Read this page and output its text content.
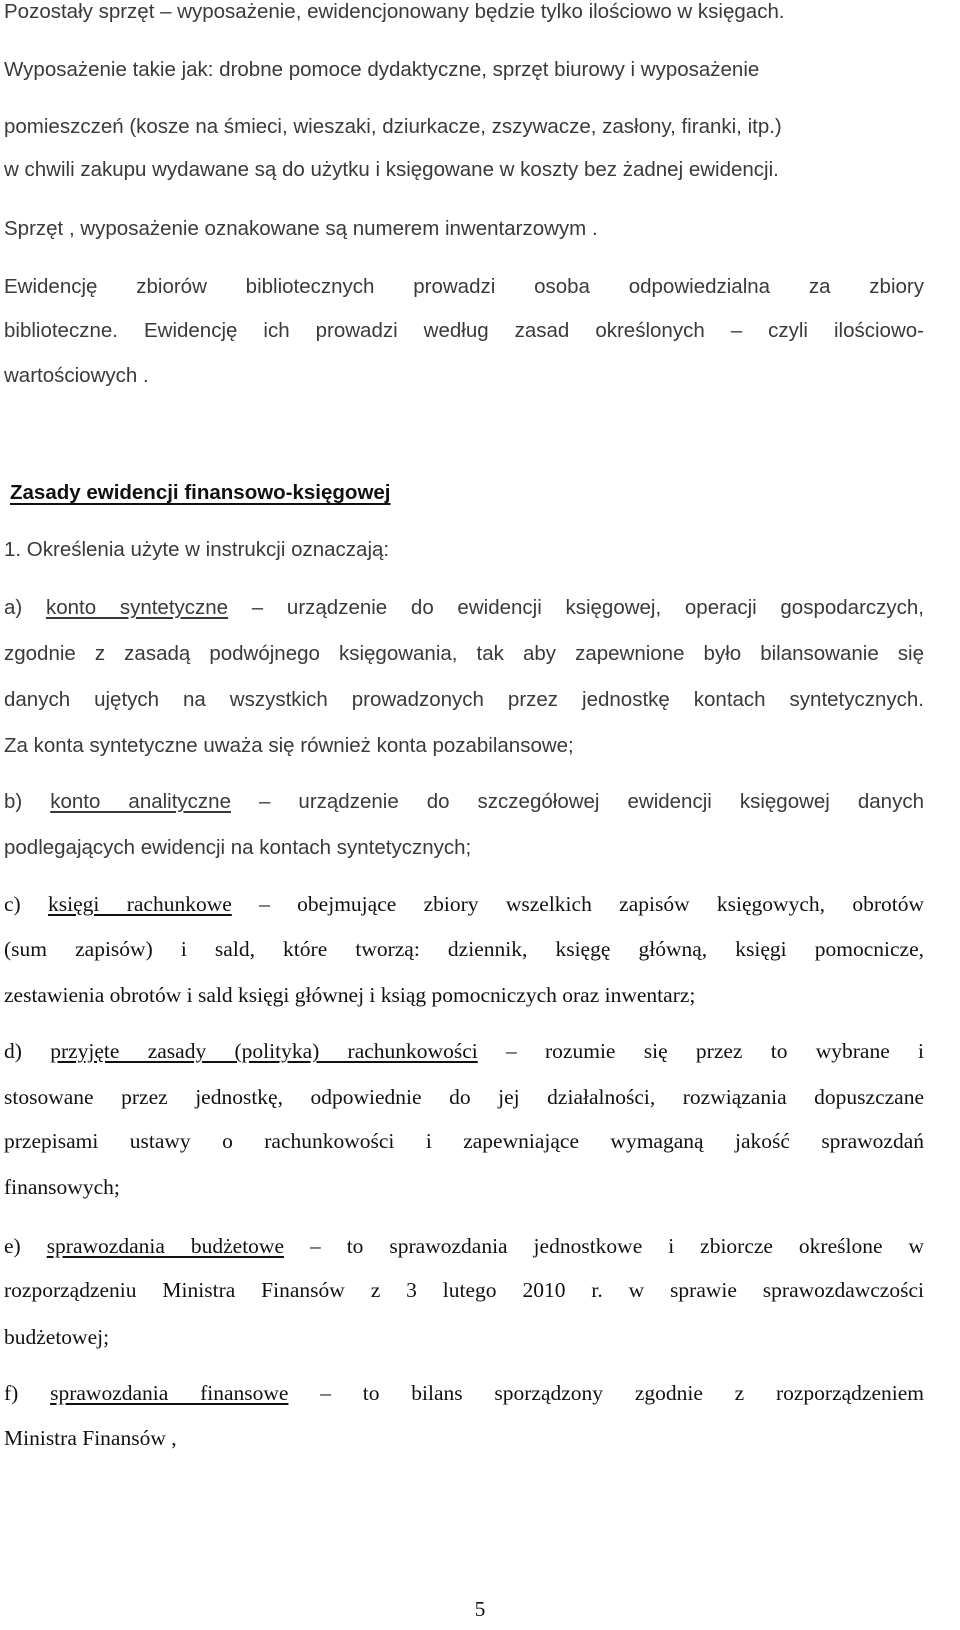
Pozostały sprzęt – wyposażenie, ewidencjonowany będzie tylko ilościowo w księgach.
Wyposażenie takie jak: drobne pomoce dydaktyczne, sprzęt biurowy i wyposażenie
pomieszczeń (kosze na śmieci, wieszaki, dziurkacze, zszywacze, zasłony, firanki, itp.)
w chwili zakupu wydawane są do użytku i księgowane w koszty bez żadnej ewidencji.
Sprzęt , wyposażenie oznakowane są numerem inwentarzowym .
Ewidencję zbiorów bibliotecznych prowadzi osoba odpowiedzialna za zbiory
biblioteczne. Ewidencję ich prowadzi według zasad określonych – czyli ilościowo-
wartościowych .
Zasady ewidencji finansowo-księgowej
1. Określenia użyte w instrukcji oznaczają:
a) konto syntetyczne – urządzenie do ewidencji księgowej, operacji gospodarczych,
zgodnie z zasadą podwójnego księgowania, tak aby zapewnione było bilansowanie się
danych ujętych na wszystkich prowadzonych przez jednostkę kontach syntetycznych.
Za konta syntetyczne uważa się również konta pozabilansowe;
b) konto analityczne – urządzenie do szczegółowej ewidencji księgowej danych
podlegających ewidencji na kontach syntetycznych;
c) księgi rachunkowe – obejmujące zbiory wszelkich zapisów księgowych, obrotów
(sum zapisów) i sald, które tworzą: dziennik, księgę główną, księgi pomocnicze,
zestawienia obrotów i sald księgi głównej i ksiąg pomocniczych oraz inwentarz;
d) przyjęte zasady (polityka) rachunkowości – rozumie się przez to wybrane i
stosowane przez jednostkę, odpowiednie do jej działalności, rozwiązania dopuszczane
przepisami ustawy o rachunkowości i zapewniające wymaganą jakość sprawozdań
finansowych;
e) sprawozdania budżetowe – to sprawozdania jednostkowe i zbiorcze określone w
rozporządzeniu Ministra Finansów z 3 lutego 2010 r. w sprawie sprawozdawczości
budżetowej;
f) sprawozdania finansowe – to bilans sporządzony zgodnie z rozporządzeniem
Ministra Finansów ,
5
